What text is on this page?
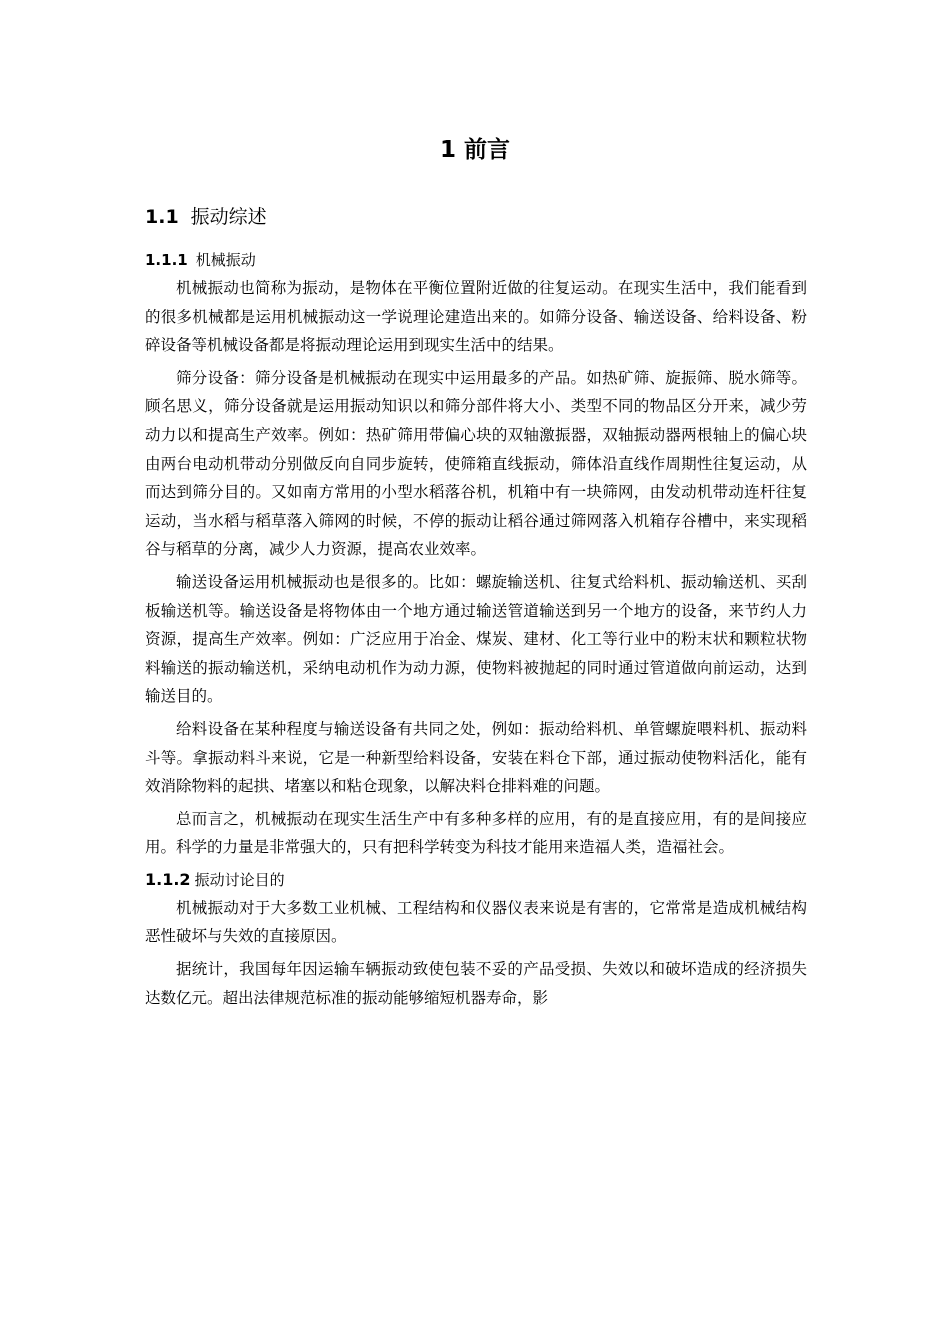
1 前言
1.1 振动综述
1.1.1 机械振动

机械振动也简称为振动，是物体在平衡位置附近做的往复运动。在现实生活中，我们能看到的很多机械都是运用机械振动这一学说理论建造出来的。如筛分设备、输送设备、给料设备、粉碎设备等机械设备都是将振动理论运用到现实生活中的结果。

筛分设备：筛分设备是机械振动在现实中运用最多的产品。如热矿筛、旋振筛、脱水筛等。顾名思义，筛分设备就是运用振动知识以和筛分部件将大小、类型不同的物品区分开来，减少劳动力以和提高生产效率。例如：热矿筛用带偏心块的双轴激振器，双轴振动器两根轴上的偏心块由两台电动机带动分别做反向自同步旋转，使筛箱直线振动，筛体沿直线作周期性往复运动，从而达到筛分目的。又如南方常用的小型水稻落谷机，机箱中有一块筛网，由发动机带动连杆往复运动，当水稻与稻草落入筛网的时候，不停的振动让稻谷通过筛网落入机箱存谷槽中，来实现稻谷与稻草的分离，减少人力资源，提高农业效率。

输送设备运用机械振动也是很多的。比如：螺旋输送机、往复式给料机、振动输送机、买刮板输送机等。输送设备是将物体由一个地方通过输送管道输送到另一个地方的设备，来节约人力资源，提高生产效率。例如：广泛应用于冶金、煤炭、建材、化工等行业中的粉末状和颗粒状物料输送的振动输送机，采纳电动机作为动力源，使物料被抛起的同时通过管道做向前运动，达到输送目的。

给料设备在某种程度与输送设备有共同之处，例如：振动给料机、单管螺旋喂料机、振动料斗等。拿振动料斗来说，它是一种新型给料设备，安装在料仓下部，通过振动使物料活化，能有效消除物料的起拱、堵塞以和粘仓现象，以解决料仓排料难的问题。

总而言之，机械振动在现实生活生产中有多种多样的应用，有的是直接应用，有的是间接应用。科学的力量是非常强大的，只有把科学转变为科技才能用来造福人类，造福社会。

1.1.2 振动讨论目的

机械振动对于大多数工业机械、工程结构和仪器仪表来说是有害的，它常常是造成机械结构恶性破坏与失效的直接原因。

据统计，我国每年因运输车辆振动致使包装不妥的产品受损、失效以和破坏造成的经济损失达数亿元。超出法律规范标准的振动能够缩短机器寿命，影
